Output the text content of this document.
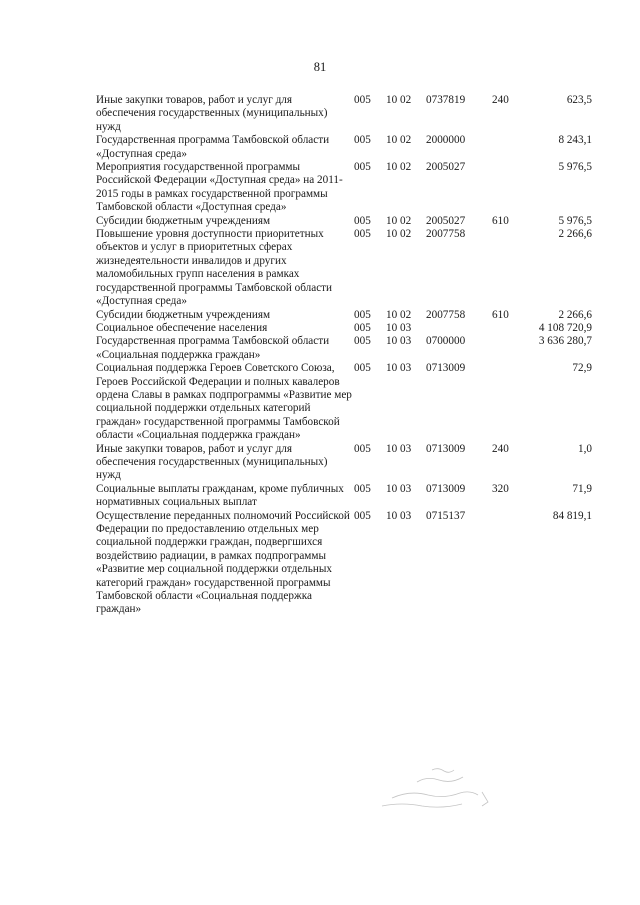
81
Иные закупки товаров, работ и услуг для обеспечения государственных (муниципальных) нужд	005	10 02	0737819	240	623,5
Государственная программа Тамбовской области «Доступная среда»	005	10 02	2000000		8 243,1
Мероприятия государственной программы Российской Федерации «Доступная среда» на 2011-2015 годы в рамках государственной программы Тамбовской области «Доступная среда»	005	10 02	2005027		5 976,5
Субсидии бюджетным учреждениям	005	10 02	2005027	610	5 976,5
Повышение уровня доступности приоритетных объектов и услуг в приоритетных сферах жизнедеятельности инвалидов и других маломобильных групп населения в рамках государственной программы Тамбовской области «Доступная среда»	005	10 02	2007758		2 266,6
Субсидии бюджетным учреждениям	005	10 02	2007758	610	2 266,6
Социальное обеспечение населения	005	10 03			4 108 720,9
Государственная программа Тамбовской области «Социальная поддержка граждан»	005	10 03	0700000		3 636 280,7
Социальная поддержка Героев Советского Союза, Героев Российской Федерации и полных кавалеров ордена Славы в рамках подпрограммы «Развитие мер социальной поддержки отдельных категорий граждан» государственной программы Тамбовской области «Социальная поддержка граждан»	005	10 03	0713009		72,9
Иные закупки товаров, работ и услуг для обеспечения государственных (муниципальных) нужд	005	10 03	0713009	240	1,0
Социальные выплаты гражданам, кроме публичных нормативных социальных выплат	005	10 03	0713009	320	71,9
Осуществление переданных полномочий Российской Федерации по предоставлению отдельных мер социальной поддержки граждан, подвергшихся воздействию радиации, в рамках подпрограммы «Развитие мер социальной поддержки отдельных категорий граждан» государственной программы Тамбовской области «Социальная поддержка граждан»	005	10 03	0715137		84 819,1
